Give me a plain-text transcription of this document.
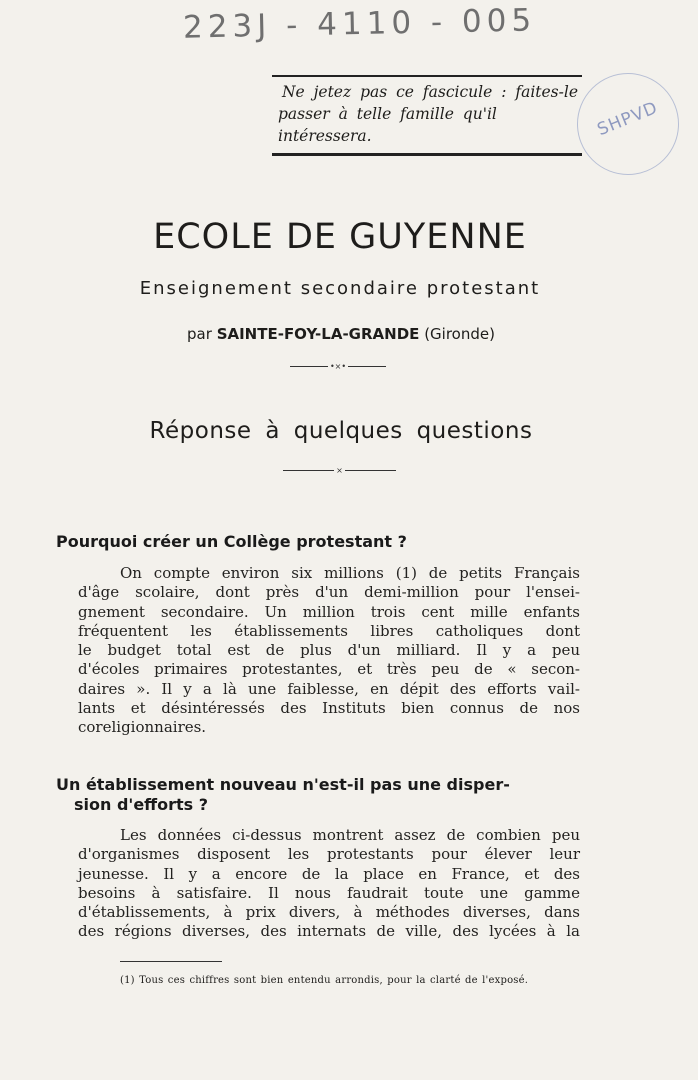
223J - 4110 - 005
Ne jetez pas ce fascicule : faites-le
passer à telle famille qu'il intéressera.	SHPVD
ECOLE DE GUYENNE
Enseignement secondaire protestant
par SAINTE-FOY-LA-GRANDE (Gironde)
•⨯•
Réponse à quelques questions
⨯
Pourquoi créer un Collège protestant ?
On compte environ six millions (1) de petits Français
d'âge scolaire, dont près d'un demi-million pour l'ensei-
gnement secondaire. Un million trois cent mille enfants
fréquentent les établissements libres catholiques dont
le budget total est de plus d'un milliard. Il y a peu
d'écoles primaires protestantes, et très peu de « secon-
daires ». Il y a là une faiblesse, en dépit des efforts vail-
lants et désintéressés des Instituts bien connus de nos
coreligionnaires.
Un établissement nouveau n'est-il pas une disper-
sion d'efforts ?
Les données ci-dessus montrent assez de combien peu
d'organismes disposent les protestants pour élever leur
jeunesse. Il y a encore de la place en France, et des
besoins à satisfaire. Il nous faudrait toute une gamme
d'établissements, à prix divers, à méthodes diverses, dans
des régions diverses, des internats de ville, des lycées à la
(1) Tous ces chiffres sont bien entendu arrondis, pour la clarté de l'exposé.
